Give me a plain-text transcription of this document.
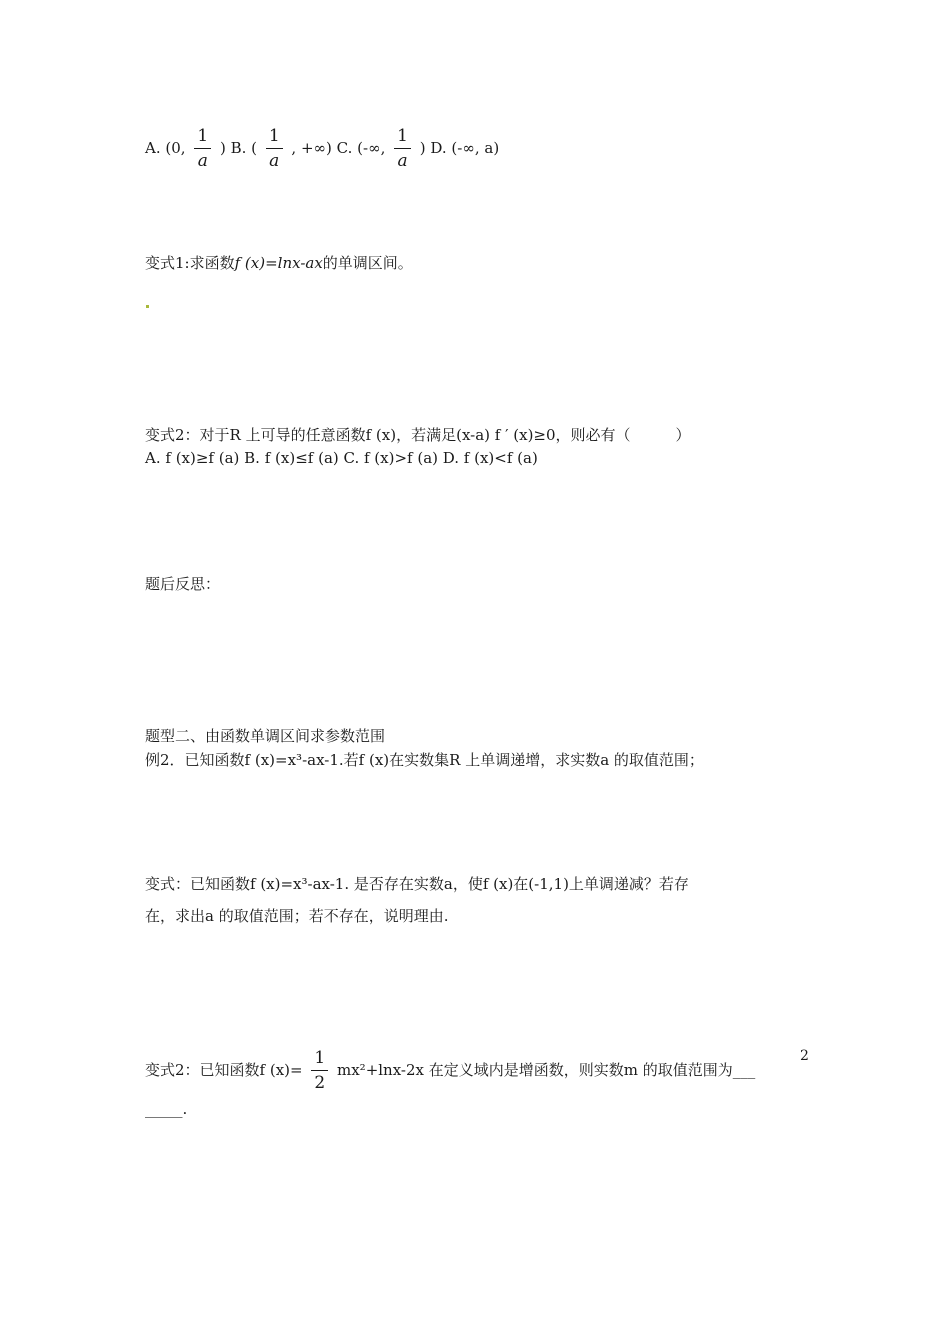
A. (0, $\frac{1}{a}$ ) B. ( $\frac{1}{a}$ , +∞) C. (-∞, $\frac{1}{a}$ ) D. (-∞, a)
变式1:求函数f (x)=lnx-ax的单调区间。
变式2：对于R 上可导的任意函数f (x)，若满足(x-a) f ′ (x)≥0，则必有（　　　）
A. f (x)≥f (a) B. f (x)≤f (a) C. f (x)>f (a) D. f (x)<f (a)
题后反思：
题型二、由函数单调区间求参数范围
例2．已知函数f (x)=x³-ax-1.若f (x)在实数集R 上单调递增，求实数a 的取值范围；
变式：已知函数f (x)=x³-ax-1. 是否存在实数a，使f (x)在(-1,1)上单调递减？若存
在，求出a 的取值范围；若不存在，说明理由.
变式2：已知函数f $(x)= \frac{1}{2} mx^2+\ln x-2x$ 在定义域内是增函数，则实数m 的取值范围为___
_____.
2
